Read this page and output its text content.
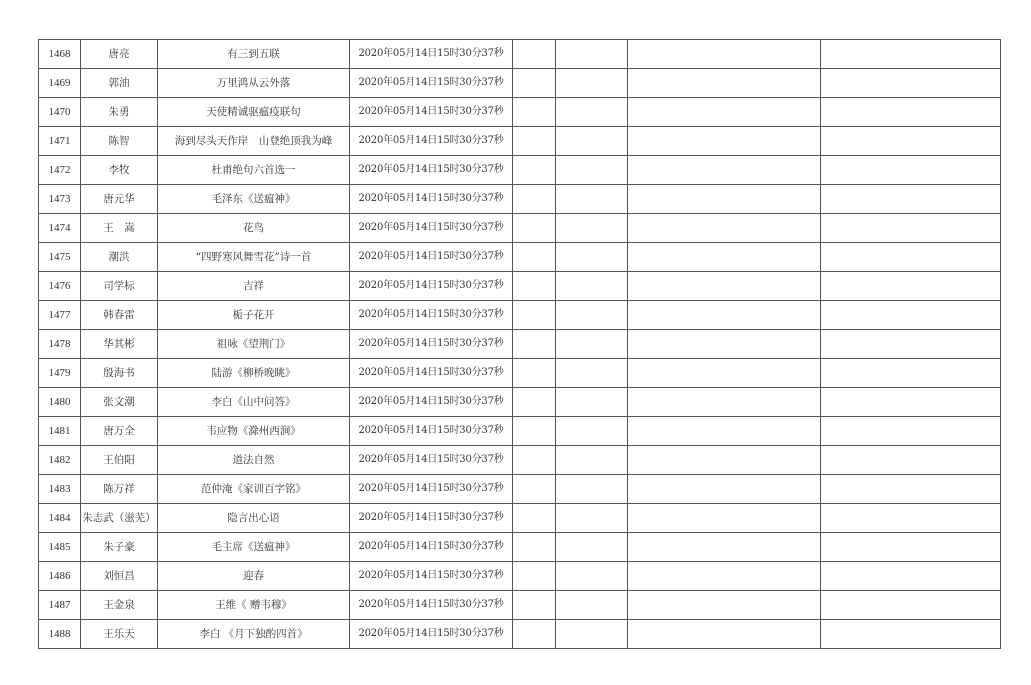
1468	唐亮	有三到五联	2020年05月14日15时30分37秒				
1469	郭油	万里鸿从云外落	2020年05月14日15时30分37秒				
1470	朱勇	天使精诚驱瘟疫联句	2020年05月14日15时30分37秒				
1471	陈智	海到尽头天作岸　山登绝顶我为峰	2020年05月14日15时30分37秒				
1472	李牧	杜甫绝句六首选一	2020年05月14日15时30分37秒				
1473	唐元华	毛泽东《送瘟神》	2020年05月14日15时30分37秒				
1474	王　嵩	花鸟	2020年05月14日15时30分37秒				
1475	潮洪	“四野寒风舞雪花”诗一首	2020年05月14日15时30分37秒				
1476	司学标	吉祥	2020年05月14日15时30分37秒				
1477	韩春雷	栀子花开	2020年05月14日15时30分37秒				
1478	华其彬	祖咏《望荆门》	2020年05月14日15时30分37秒				
1479	殷海书	陆游《柳桥晚眺》	2020年05月14日15时30分37秒				
1480	张文潮	李白《山中问答》	2020年05月14日15时30分37秒				
1481	唐万全	韦应物《滁州西涧》	2020年05月14日15时30分37秒				
1482	王伯阳	道法自然	2020年05月14日15时30分37秒				
1483	陈万祥	范仲淹《家训百字铭》	2020年05月14日15时30分37秒				
1484	朱志武（滋芜）	隐言出心语	2020年05月14日15时30分37秒				
1485	朱子豪	毛主席《送瘟神》	2020年05月14日15时30分37秒				
1486	刘恒昌	迎春	2020年05月14日15时30分37秒				
1487	王金泉	王维《 赠韦穆》	2020年05月14日15时30分37秒				
1488	王乐天	李白 《月下独酌四首》	2020年05月14日15时30分37秒				
